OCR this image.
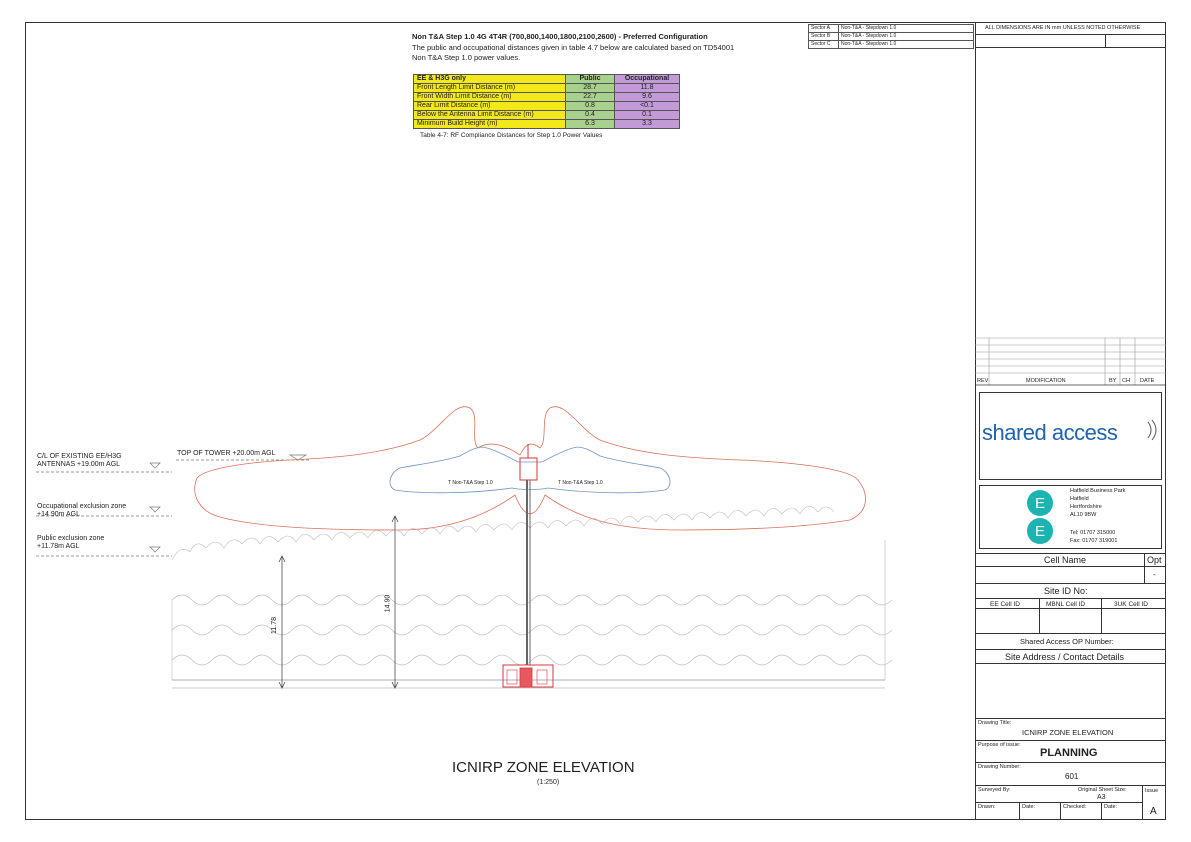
Non T&A Step 1.0 4G 4T4R (700,800,1400,1800,2100,2600) - Preferred Configuration
The public and occupational distances given in table 4.7 below are calculated based on TD54001
Non T&A Step 1.0 power values.
EE & H3G only	Public	Occupational
Front Length Limit Distance (m)	28.7	11.8
Front Width Limit Distance (m)	22.7	9.6
Rear Limit Distance (m)	0.8	<0.1
Below the Antenna Limit Distance (m)	0.4	0.1
Minimum Build Height (m)	6.3	3.3
Table 4-7: RF Compliance Distances for Step 1.0 Power Values
Sector A	Non-T&A - Stepdown 1.0
Sector B	Non-T&A - Stepdown 1.0
Sector C	Non-T&A - Stepdown 1.0
C/L OF EXISTING EE/H3G
ANTENNAS +19.00m AGL
Occupational exclusion zone
+14.90m AGL
Public exclusion zone
+11.78m AGL
TOP OF TOWER +20.00m AGL
T Non-T&A Step 1.0	T Non-T&A Step 1.0
11.78
14.90
ICNIRP ZONE ELEVATION
(1:250)
ALL DIMENSIONS ARE IN mm UNLESS NOTED OTHERWISE
REV	MODIFICATION	BY CH DATE
shared access
E
E
Hatfield Business Park
Hatfield
Hertfordshire
AL10 9BW
Tel: 01707 315000
Fax: 01707 319001
Cell Name	Opt
-
Site ID No:
EE Cell ID	MBNL Cell ID	3UK Cell ID
Shared Access OP Number:
Site Address / Contact Details
Drawing Title:
ICNIRP ZONE ELEVATION
Purpose of issue:
PLANNING
Drawing Number:
601
Surveyed By:	Original Sheet Size:
A3
Issue
Drawn:	Date:	Checked:	Date:	A
